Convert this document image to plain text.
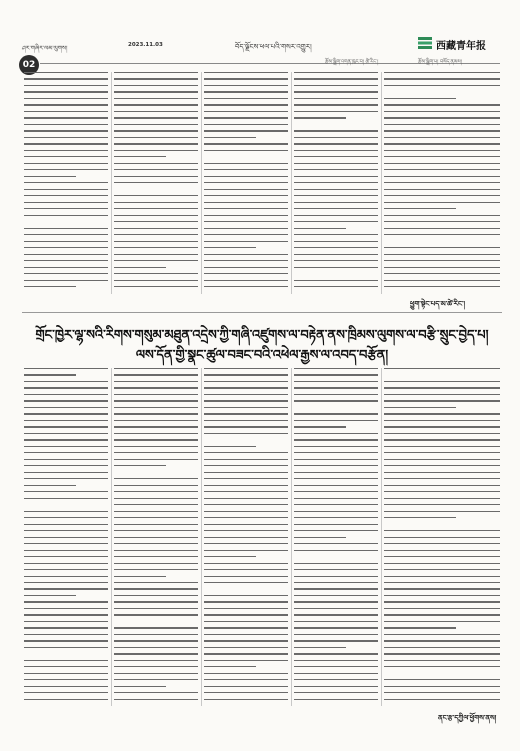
ཤར་གཞིར་ལམ་ལུགས།	2023.11.03	བོད་ལྗོངས་ཕལ་པའི་གསར་འགྱུར།	西藏青年报
02	རྩོམ་སྒྲིག་འགན་ཁུར་བ། ཚེ་རིང་།	རྩོམ་སྒྲིག་པ། བསོད་ནམས།
ཕྱུག་སྟེང་པད་མ་ཚེ་རིང་།
གྲོང་ཁྱེར་ལྷ་སའི་རིགས་གསུམ་མཐུན་འདྲེས་ཀྱི་གཞི་འཛུགས་ལ་བརྟེན་ནས་ཁྲིམས་ལུགས་ལ་བརྩི་སྲུང་བྱེད་པ།
ལས་དོན་གྱི་སྣང་ཚུལ་བཟང་བའི་འཕེལ་རྒྱས་ལ་འབད་བརྩོན།
ནང་རྩ་དཀྱིལ་ཕྱོགས་ནས།
